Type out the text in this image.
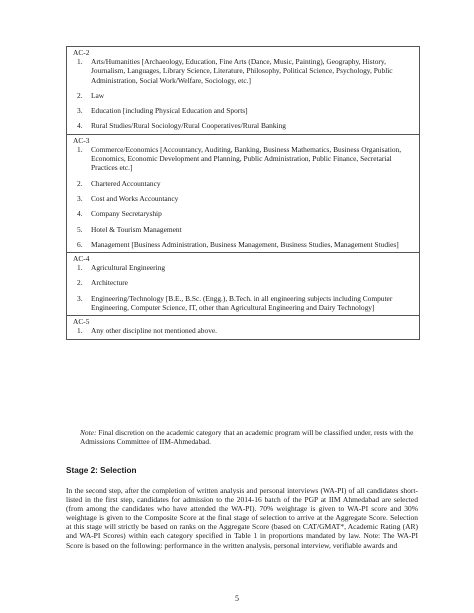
AC-2
1.	Arts/Humanities [Archaeology, Education, Fine Arts (Dance, Music, Painting), Geography, History, Journalism, Languages, Library Science, Literature, Philosophy, Political Science, Psychology, Public Administration, Social Work/Welfare, Sociology, etc.]
2.	Law
3.	Education [including Physical Education and Sports]
4.	Rural Studies/Rural Sociology/Rural Cooperatives/Rural Banking
AC-3
1.	Commerce/Economics [Accountancy, Auditing, Banking, Business Mathematics, Business Organisation, Economics, Economic Development and Planning, Public Administration, Public Finance, Secretarial Practices etc.]
2.	Chartered Accountancy
3.	Cost and Works Accountancy
4.	Company Secretaryship
5.	Hotel & Tourism Management
6.	Management [Business Administration, Business Management, Business Studies, Management Studies]
AC-4
1.	Agricultural Engineering
2.	Architecture
3.	Engineering/Technology [B.E., B.Sc. (Engg.), B.Tech. in all engineering subjects including Computer Engineering, Computer Science, IT, other than Agricultural Engineering and Dairy Technology]
AC-5
1.	Any other discipline not mentioned above.
Note: Final discretion on the academic category that an academic program will be classified under, rests with the Admissions Committee of IIM-Ahmedabad.
Stage 2: Selection
In the second step, after the completion of written analysis and personal interviews (WA-PI) of all candidates short-listed in the first step, candidates for admission to the 2014-16 batch of the PGP at IIM Ahmedabad are selected (from among the candidates who have attended the WA-PI). 70% weightage is given to WA-PI score and 30% weightage is given to the Composite Score at the final stage of selection to arrive at the Aggregate Score. Selection at this stage will strictly be based on ranks on the Aggregate Score (based on CAT/GMAT*, Academic Rating (AR) and WA-PI Scores) within each category specified in Table 1 in proportions mandated by law. Note: The WA-PI Score is based on the following: performance in the written analysis, personal interview, verifiable awards and
5
